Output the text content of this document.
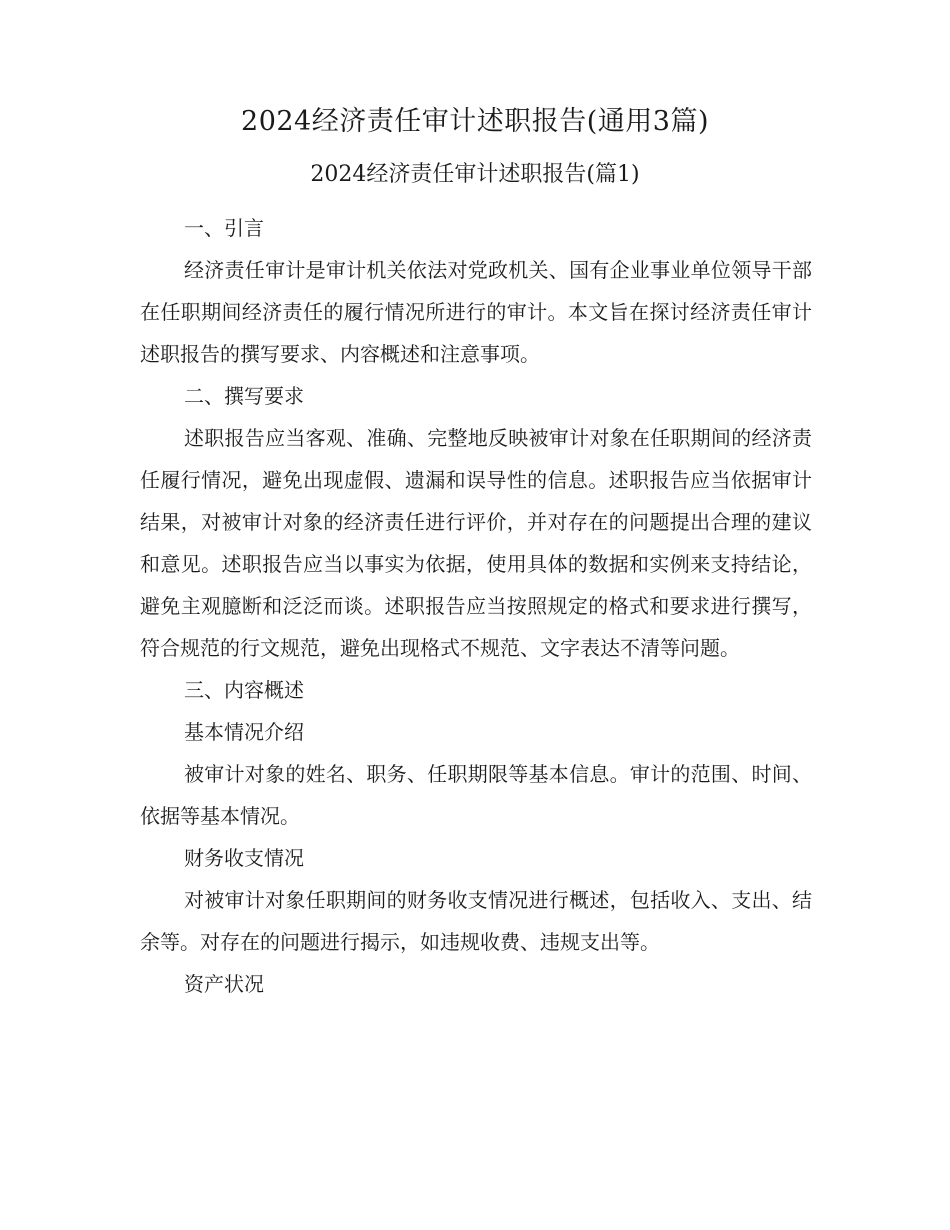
2024经济责任审计述职报告(通用3篇)
2024经济责任审计述职报告(篇1)

一、引言

经济责任审计是审计机关依法对党政机关、国有企业事业单位领导干部在任职期间经济责任的履行情况所进行的审计。本文旨在探讨经济责任审计述职报告的撰写要求、内容概述和注意事项。

二、撰写要求

述职报告应当客观、准确、完整地反映被审计对象在任职期间的经济责任履行情况，避免出现虚假、遗漏和误导性的信息。述职报告应当依据审计结果，对被审计对象的经济责任进行评价，并对存在的问题提出合理的建议和意见。述职报告应当以事实为依据，使用具体的数据和实例来支持结论，避免主观臆断和泛泛而谈。述职报告应当按照规定的格式和要求进行撰写，符合规范的行文规范，避免出现格式不规范、文字表达不清等问题。

三、内容概述

基本情况介绍

被审计对象的姓名、职务、任职期限等基本信息。审计的范围、时间、依据等基本情况。

财务收支情况

对被审计对象任职期间的财务收支情况进行概述，包括收入、支出、结余等。对存在的问题进行揭示，如违规收费、违规支出等。

资产状况
